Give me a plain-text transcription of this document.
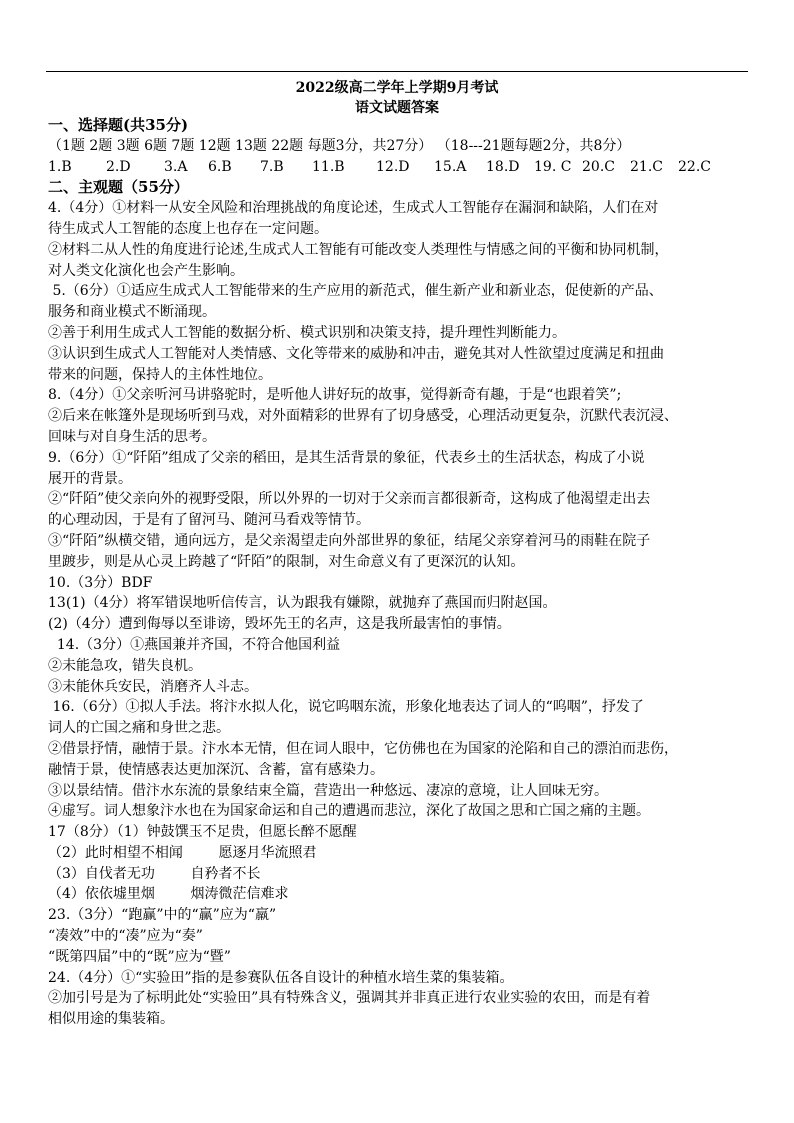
2022级高二学年上学期9月考试
语文试题答案
一、选择题(共35分)
（1题 2题 3题 6题 7题 12题 13题 22题 每题3分，共27分） （18---21题每题2分，共8分）
1.B	2.D	3.A	6.B	7.B	11.B	12.D	15.A	18.D	19. C 20.C	21.C	22.C
二、主观题（55分）
4.（4分）①材料一从安全风险和治理挑战的角度论述，生成式人工智能存在漏洞和缺陷，人们在对
待生成式人工智能的态度上也存在一定问题。
②材料二从人性的角度进行论述,生成式人工智能有可能改变人类理性与情感之间的平衡和协同机制，
对人类文化演化也会产生影响。
5.（6分）①适应生成式人工智能带来的生产应用的新范式，催生新产业和新业态，促使新的产品、
服务和商业模式不断涌现。
②善于利用生成式人工智能的数据分析、模式识别和决策支持，提升理性判断能力。
③认识到生成式人工智能对人类情感、文化等带来的威胁和冲击，避免其对人性欲望过度满足和扭曲
带来的问题，保持人的主体性地位。
8.（4分）①父亲听河马讲骆驼时，是听他人讲好玩的故事，觉得新奇有趣，于是“也跟着笑”;
②后来在帐篷外是现场听到马戏，对外面精彩的世界有了切身感受，心理活动更复杂，沉默代表沉浸、
回味与对自身生活的思考。
9.（6分）①“阡陌”组成了父亲的稻田，是其生活背景的象征，代表乡土的生活状态，构成了小说
展开的背景。
②“阡陌”使父亲向外的视野受限，所以外界的一切对于父亲而言都很新奇，这构成了他渴望走出去
的心理动因，于是有了留河马、随河马看戏等情节。
③“阡陌”纵横交错，通向远方，是父亲渴望走向外部世界的象征，结尾父亲穿着河马的雨鞋在院子
里踱步，则是从心灵上跨越了“阡陌”的限制，对生命意义有了更深沉的认知。
10.（3分）BDF
13(1)（4分）将军错误地听信传言，认为跟我有嫌隙，就抛弃了燕国而归附赵国。
(2)（4分）遭到侮辱以至诽谤，毁坏先王的名声，这是我所最害怕的事情。
14.（3分）①燕国兼并齐国，不符合他国利益
②未能急攻，错失良机。
③未能休兵安民，消磨齐人斗志。
16.（6分）①拟人手法。将汴水拟人化，说它呜咽东流，形象化地表达了词人的“呜咽”，抒发了
词人的亡国之痛和身世之悲。
②借景抒情，融情于景。汴水本无情，但在词人眼中，它仿佛也在为国家的沦陷和自己的漂泊而悲伤，
融情于景，使情感表达更加深沉、含蓄，富有感染力。
③以景结情。借汴水东流的景象结束全篇，营造出一种悠远、凄凉的意境，让人回味无穷。
④虚写。词人想象汴水也在为国家命运和自己的遭遇而悲泣，深化了故国之思和亡国之痛的主题。
17（8分）（1）钟鼓馔玉不足贵，但愿长醉不愿醒
（2）此时相望不相闻        愿逐月华流照君
（3）自伐者无功        自矜者不长
（4）依依墟里烟        烟涛微茫信难求
23.（3分）“跑赢”中的“赢”应为“羸”
“凑效”中的“凑”应为“奏”
“既第四届”中的“既”应为“暨”
24.（4分）①“实验田”指的是参赛队伍各自设计的种植水培生菜的集装箱。
②加引号是为了标明此处“实验田”具有特殊含义，强调其并非真正进行农业实验的农田，而是有着
相似用途的集装箱。
